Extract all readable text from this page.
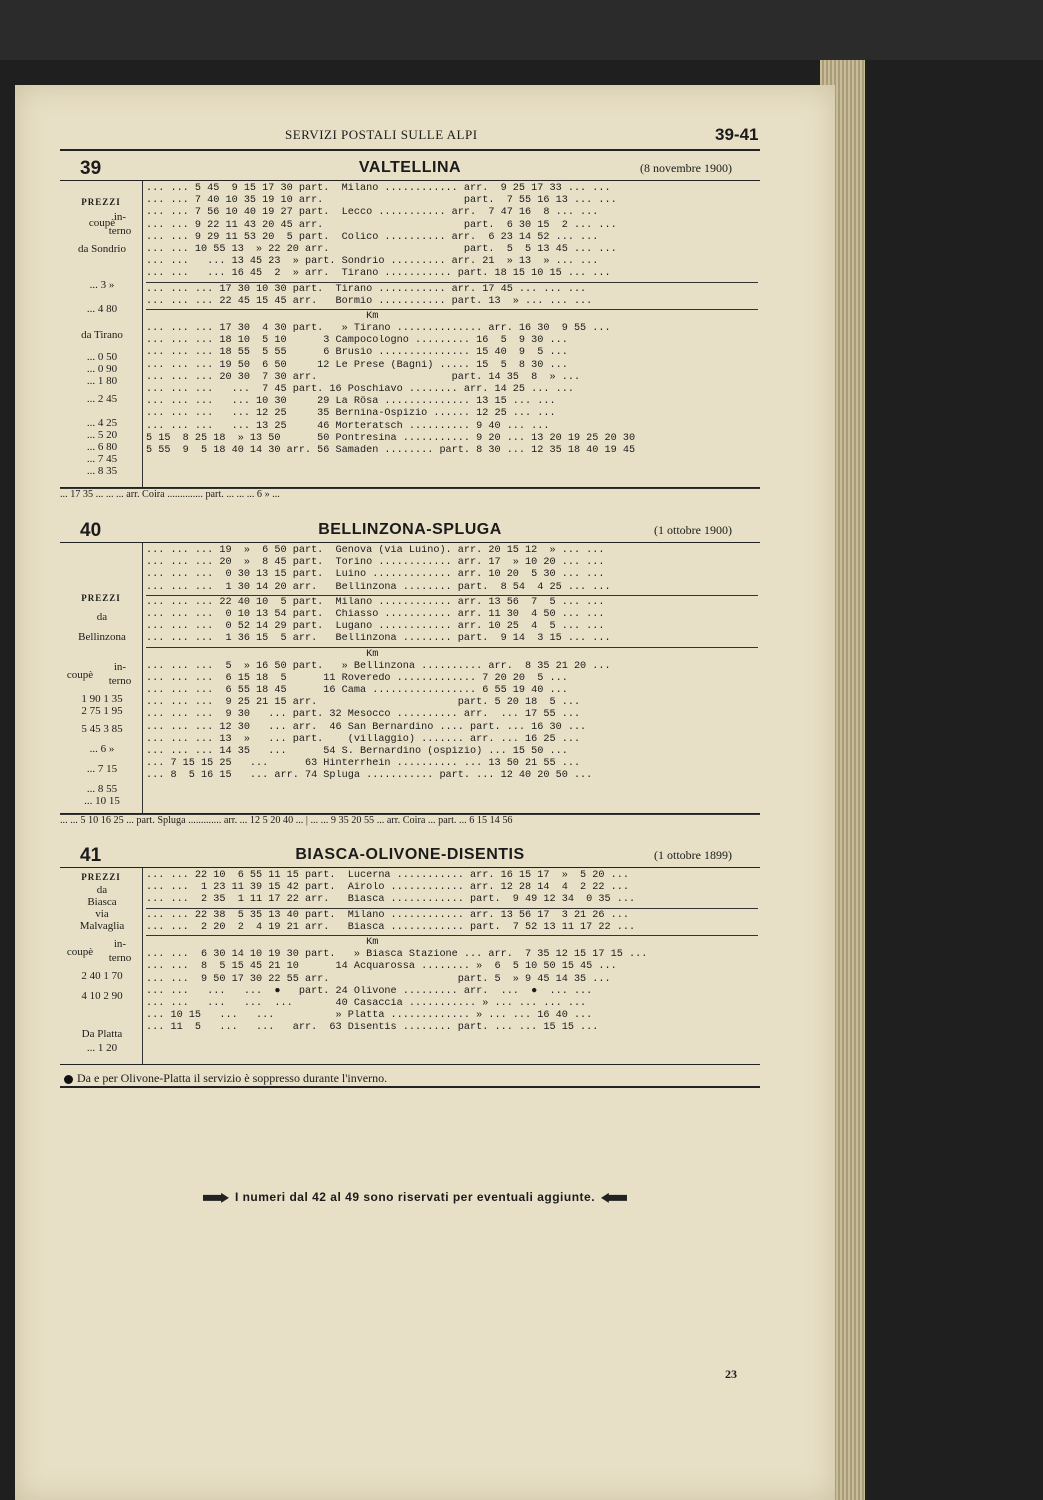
SERVIZI POSTALI SULLE ALPI	39-41
39	VALTELLINA	(8 novembre 1900)
PREZZI
coupè
in-
terno
da Sondrio
... 3 »
... 4 80
da Tirano
... 0 50
... 0 90
... 1 80
... 2 45
... 4 25
... 5 20
... 6 80
... 7 45
... 8 35
... ... 5 45  9 15 17 30 part.  Milano ............ arr.  9 25 17 33 ... ...
... ... 7 40 10 35 19 10 arr.                       part.  7 55 16 13 ... ...
... ... 7 56 10 40 19 27 part.  Lecco ........... arr.  7 47 16  8 ... ...
... ... 9 22 11 43 20 45 arr.                       part.  6 30 15  2 ... ...
... ... 9 29 11 53 20  5 part.  Colico .......... arr.  6 23 14 52 ... ...
... ... 10 55 13  » 22 20 arr.                      part.  5  5 13 45 ... ...
... ...   ... 13 45 23  » part. Sondrio ......... arr. 21  » 13  » ... ...
... ...   ... 16 45  2  » arr.  Tirano ........... part. 18 15 10 15 ... ...
... ... ... 17 30 10 30 part.  Tirano ........... arr. 17 45 ... ... ...
... ... ... 22 45 15 45 arr.   Bormio ........... part. 13  » ... ... ...
Km
... ... ... 17 30  4 30 part.   » Tirano .............. arr. 16 30  9 55 ...
... ... ... 18 10  5 10      3 Campocologno ......... 16  5  9 30 ...
... ... ... 18 55  5 55      6 Brusio ............... 15 40  9  5 ...
... ... ... 19 50  6 50     12 Le Prese (Bagni) ..... 15  5  8 30 ...
... ... ... 20 30  7 30 arr.                      part. 14 35  8  » ...
... ... ...   ...  7 45 part. 16 Poschiavo ........ arr. 14 25 ... ...
... ... ...   ... 10 30     29 La Rösa .............. 13 15 ... ...
... ... ...   ... 12 25     35 Bernina-Ospizio ...... 12 25 ... ...
... ... ...   ... 13 25     46 Morteratsch .......... 9 40 ... ...
5 15  8 25 18  » 13 50      50 Pontresina ........... 9 20 ... 13 20 19 25 20 30
5 55  9  5 18 40 14 30 arr. 56 Samaden ........ part. 8 30 ... 12 35 18 40 19 45
... 17 35 ... ... ... arr. Coira .............. part. ... ... ... 6 » ...
40	BELLINZONA-SPLUGA	(1 ottobre 1900)
PREZZI
da
Bellinzona
coupè
in-
terno
1 90 1 35
2 75 1 95
5 45 3 85
... 6 »
... 7 15
... 8 55
... 10 15
... ... ... 19  »  6 50 part.  Genova (via Luino). arr. 20 15 12  » ... ...
... ... ... 20  »  8 45 part.  Torino ............ arr. 17  » 10 20 ... ...
... ... ...  0 30 13 15 part.  Luino ............. arr. 10 20  5 30 ... ...
... ... ...  1 30 14 20 arr.   Bellinzona ........ part.  8 54  4 25 ... ...
... ... ... 22 40 10  5 part.  Milano ............ arr. 13 56  7  5 ... ...
... ... ...  0 10 13 54 part.  Chiasso ........... arr. 11 30  4 50 ... ...
... ... ...  0 52 14 29 part.  Lugano ............ arr. 10 25  4  5 ... ...
... ... ...  1 36 15  5 arr.   Bellinzona ........ part.  9 14  3 15 ... ...
Km
... ... ...  5  » 16 50 part.   » Bellinzona .......... arr.  8 35 21 20 ...
... ... ...  6 15 18  5      11 Roveredo ............. 7 20 20  5 ...
... ... ...  6 55 18 45      16 Cama ................. 6 55 19 40 ...
... ... ...  9 25 21 15 arr.                       part. 5 20 18  5 ...
... ... ...  9 30   ... part. 32 Mesocco .......... arr.  ... 17 55 ...
... ... ... 12 30   ... arr.  46 San Bernardino .... part. ... 16 30 ...
... ... ... 13  »   ... part.    (villaggio) ....... arr. ... 16 25 ...
... ... ... 14 35   ...      54 S. Bernardino (ospizio) ... 15 50 ...
... 7 15 15 25   ...      63 Hinterrhein .......... ... 13 50 21 55 ...
... 8  5 16 15   ... arr. 74 Spluga ........... part. ... 12 40 20 50 ...
... ... 5 10 16 25 ... part. Spluga ............. arr. ... 12 5 20 40 ... | ... ... 9 35 20 55 ... arr. Coira ... part. ... 6 15 14 56
41	BIASCA-OLIVONE-DISENTIS	(1 ottobre 1899)
PREZZI
da
Biasca
via
Malvaglia
coupè
in-
terno
2 40 1 70
4 10 2 90
Da Platta
... 1 20
... ... 22 10  6 55 11 15 part.  Lucerna ........... arr. 16 15 17  »  5 20 ...
... ...  1 23 11 39 15 42 part.  Airolo ............ arr. 12 28 14  4  2 22 ...
... ...  2 35  1 11 17 22 arr.   Biasca ............ part.  9 49 12 34  0 35 ...
... ... 22 38  5 35 13 40 part.  Milano ............ arr. 13 56 17  3 21 26 ...
... ...  2 20  2  4 19 21 arr.   Biasca ............ part.  7 52 13 11 17 22 ...
Km
... ...  6 30 14 10 19 30 part.   » Biasca Stazione ... arr.  7 35 12 15 17 15 ...
... ...  8  5 15 45 21 10      14 Acquarossa ........ »  6  5 10 50 15 45 ...
... ...  9 50 17 30 22 55 arr.                     part. 5  » 9 45 14 35 ...
... ...   ...   ...  ●   part. 24 Olivone ......... arr.  ...  ●  ... ...
... ...   ...   ...  ...       40 Casaccia ........... » ... ... ... ...
... 10 15   ...   ...          » Platta ............. » ... ... 16 40 ...
... 11  5   ...   ...   arr.  63 Disentis ........ part. ... ... 15 15 ...
Da e per Olivone-Platta il servizio è soppresso durante l'inverno.
I numeri dal 42 al 49 sono riservati per eventuali aggiunte.
23
